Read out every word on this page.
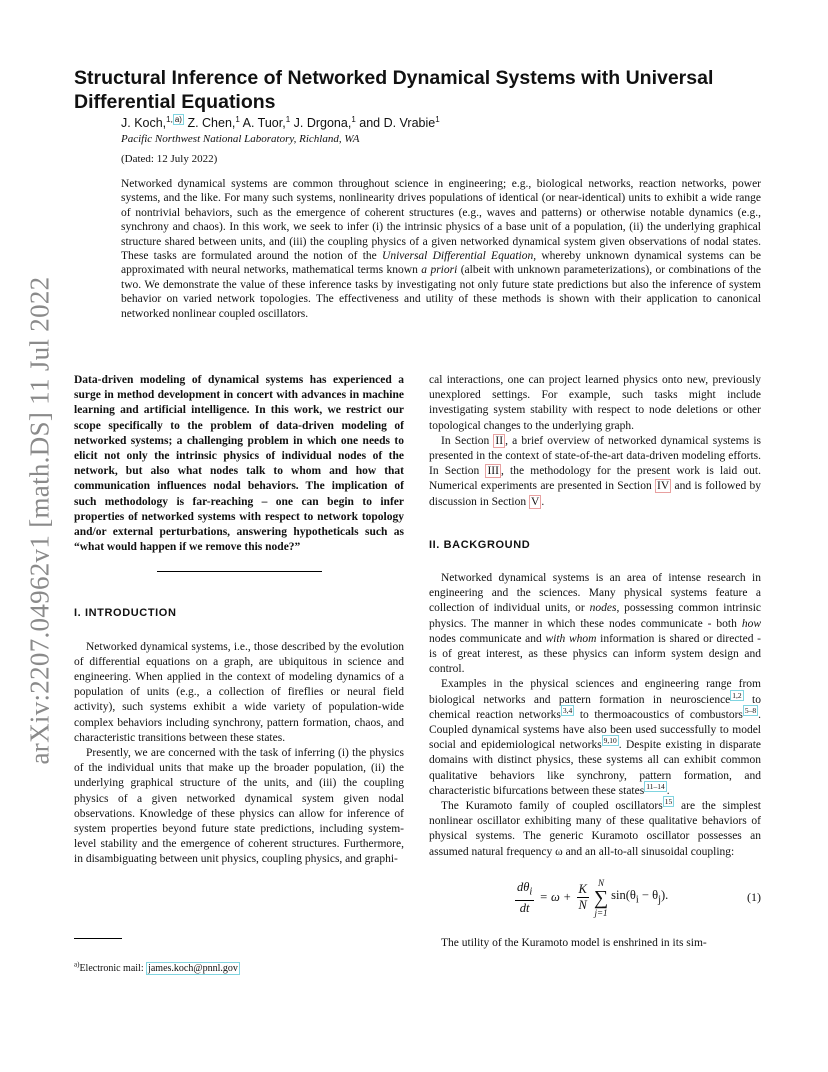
arXiv:2207.04962v1 [math.DS] 11 Jul 2022
Structural Inference of Networked Dynamical Systems with Universal Differential Equations
J. Koch,$^{1, a)}$ Z. Chen,$^1$ A. Tuor,$^1$ J. Drgona,$^1$ and D. Vrabie$^1$
Pacific Northwest National Laboratory, Richland, WA
(Dated: 12 July 2022)
Networked dynamical systems are common throughout science in engineering; e.g., biological networks, reaction networks, power systems, and the like. For many such systems, nonlinearity drives populations of identical (or near-identical) units to exhibit a wide range of nontrivial behaviors, such as the emergence of coherent structures (e.g., waves and patterns) or otherwise notable dynamics (e.g., synchrony and chaos). In this work, we seek to infer (i) the intrinsic physics of a base unit of a population, (ii) the underlying graphical structure shared between units, and (iii) the coupling physics of a given networked dynamical system given observations of nodal states. These tasks are formulated around the notion of the Universal Differential Equation, whereby unknown dynamical systems can be approximated with neural networks, mathematical terms known a priori (albeit with unknown parameterizations), or combinations of the two. We demonstrate the value of these inference tasks by investigating not only future state predictions but also the inference of system behavior on varied network topologies. The effectiveness and utility of these methods is shown with their application to canonical networked nonlinear coupled oscillators.

Data-driven modeling of dynamical systems has experienced a surge in method development in concert with advances in machine learning and artificial intelligence. In this work, we restrict our scope specifically to the problem of data-driven modeling of networked systems; a challenging problem in which one needs to elicit not only the intrinsic physics of individual nodes of the network, but also what nodes talk to whom and how that communication influences nodal behaviors. The implication of such methodology is far-reaching – one can begin to infer properties of networked systems with respect to network topology and/or external perturbations, answering hypotheticals such as “what would happen if we remove this node?”

I. INTRODUCTION

Networked dynamical systems, i.e., those described by the evolution of differential equations on a graph, are ubiquitous in science and engineering. When applied in the context of modeling dynamics of a population of units (e.g., a collection of fireflies or neural field activity), such systems exhibit a wide variety of population-wide complex behaviors including synchrony, pattern formation, chaos, and characteristic transitions between these states.

Presently, we are concerned with the task of inferring (i) the physics of the individual units that make up the broader population, (ii) the underlying graphical structure of the units, and (iii) the coupling physics of a given networked dynamical system given nodal observations. Knowledge of these physics can allow for inference of system properties beyond future state predictions, including system-level stability and the emergence of coherent structures. Furthermore, in disambiguating between unit physics, coupling physics, and graphi-

cal interactions, one can project learned physics onto new, previously unexplored settings. For example, such tasks might include investigating system stability with respect to node deletions or other topological changes to the underlying graph.

In Section II , a brief overview of networked dynamical systems is presented in the context of state-of-the-art data-driven modeling efforts. In Section III , the methodology for the present work is laid out. Numerical experiments are presented in Section IV and is followed by discussion in Section V .

II. BACKGROUND

Networked dynamical systems is an area of intense research in engineering and the sciences. Many physical systems feature a collection of individual units, or nodes, possessing common intrinsic physics. The manner in which these nodes communicate - both how nodes communicate and with whom information is shared or directed - is of great interest, as these physics can inform system design and control.

Examples in the physical sciences and engineering range from biological networks and pattern formation in neuroscience $^{1,2}$ to chemical reaction networks $^{3,4}$ to thermoacoustics of combustors $^{5-8}$ . Coupled dynamical systems have also been used successfully to model social and epidemiological networks $^{9,10}$ . Despite existing in disparate domains with distinct physics, these systems all can exhibit common qualitative behaviors like synchrony, pattern formation, and characteristic bifurcations between these states $^{11-14}$ .

The Kuramoto family of coupled oscillators $^{15}$ are the simplest nonlinear oscillator exhibiting many of these qualitative behaviors of physical systems. The generic Kuramoto oscillator possesses an assumed natural frequency ω and an all-to-all sinusoidal coupling:

$\frac{d\theta_i}{dt} = \omega + \frac{K}{N}$ N
∑
j=1
$\sin(\theta_i - \theta_j)$.	(1)

The utility of the Kuramoto model is enshrined in its sim-

$^{a)}$Electronic mail: james.koch@pnnl.gov
